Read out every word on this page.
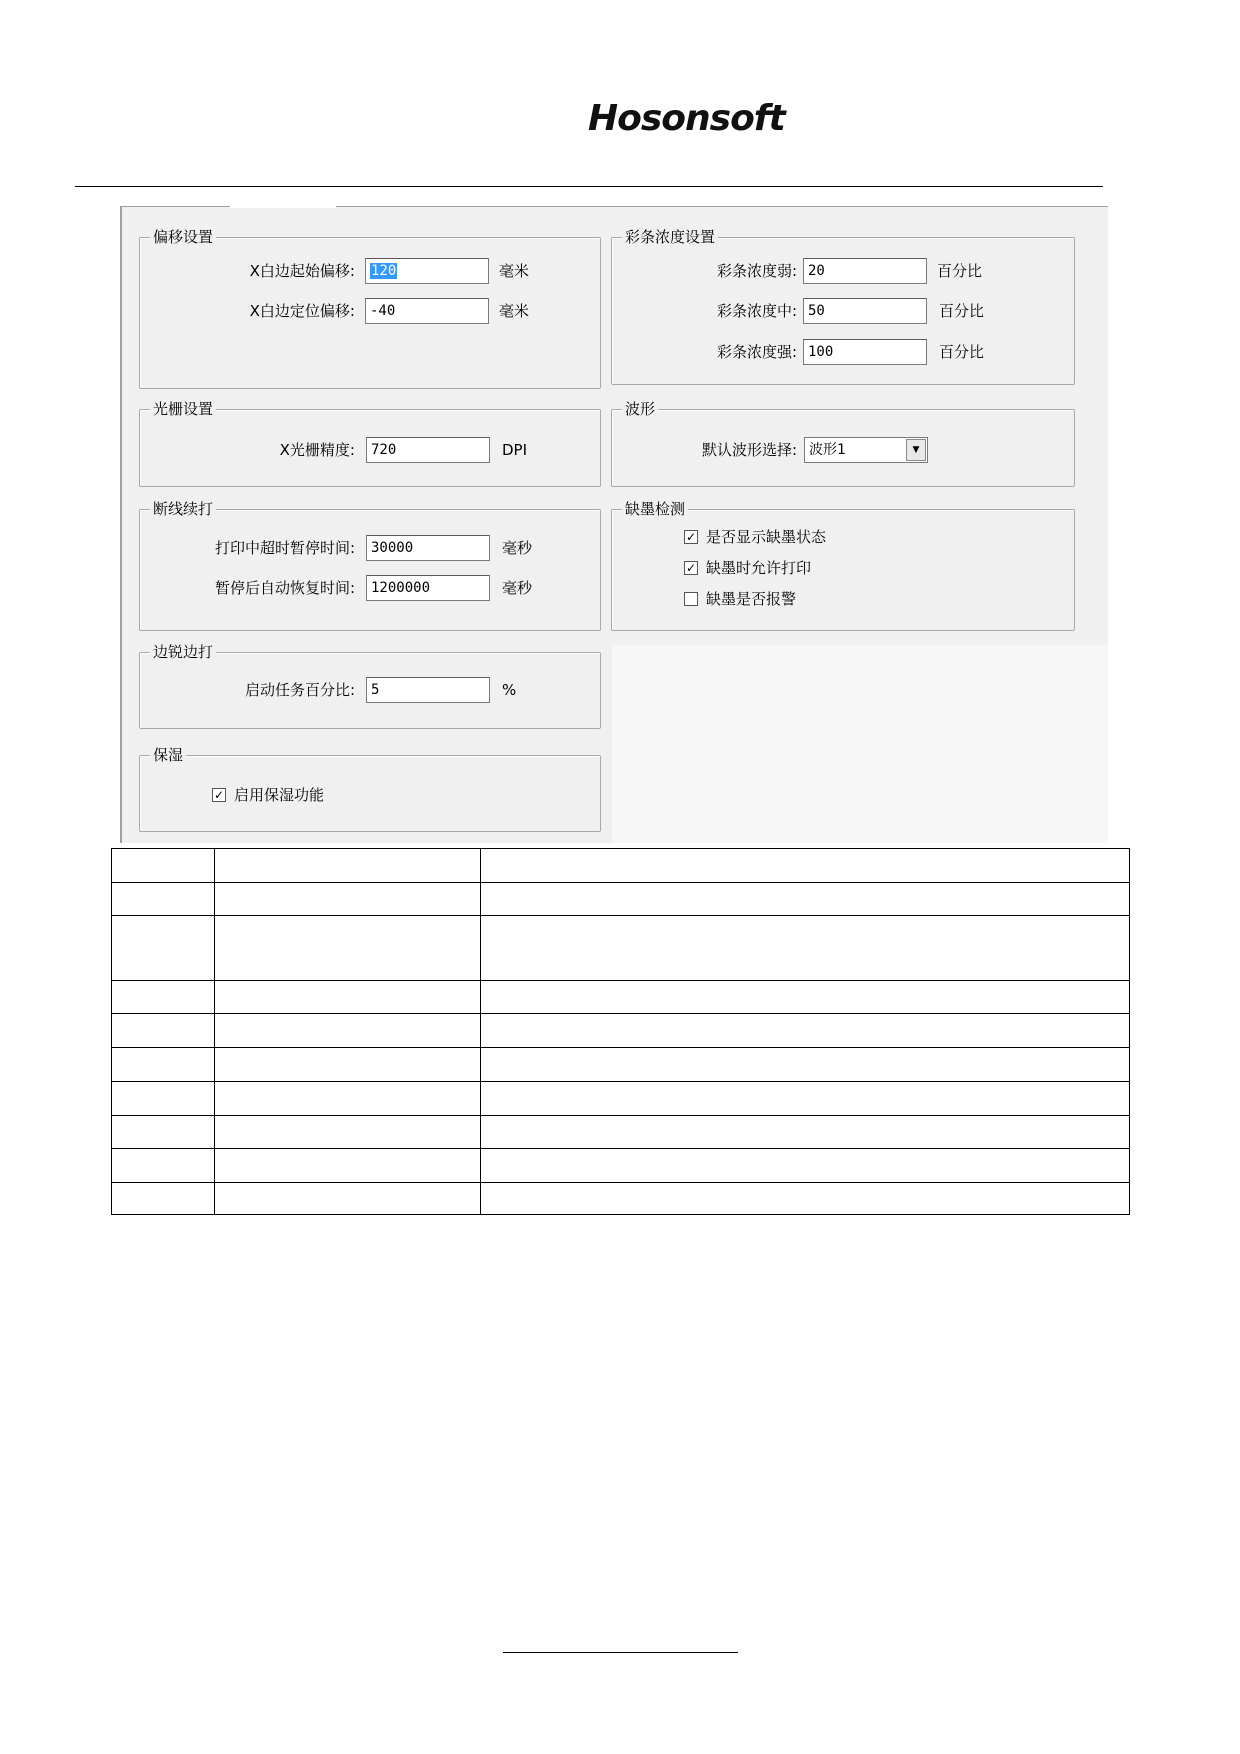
Hosonsoft
偏移设置
X白边起始偏移:	120	毫米
X白边定位偏移:	-40	毫米
彩条浓度设置
彩条浓度弱: 20	百分比
彩条浓度中: 50	百分比
彩条浓度强: 100	百分比
光栅设置
X光栅精度:	720	DPI
波形
默认波形选择: 波形1	▼
断线续打
打印中超时暂停时间:	30000	毫秒
暂停后自动恢复时间:	1200000	毫秒
缺墨检测
✓ 是否显示缺墨状态
✓ 缺墨时允许打印
缺墨是否报警
边锐边打
启动任务百分比:	5	%
保湿
✓ 启用保湿功能
